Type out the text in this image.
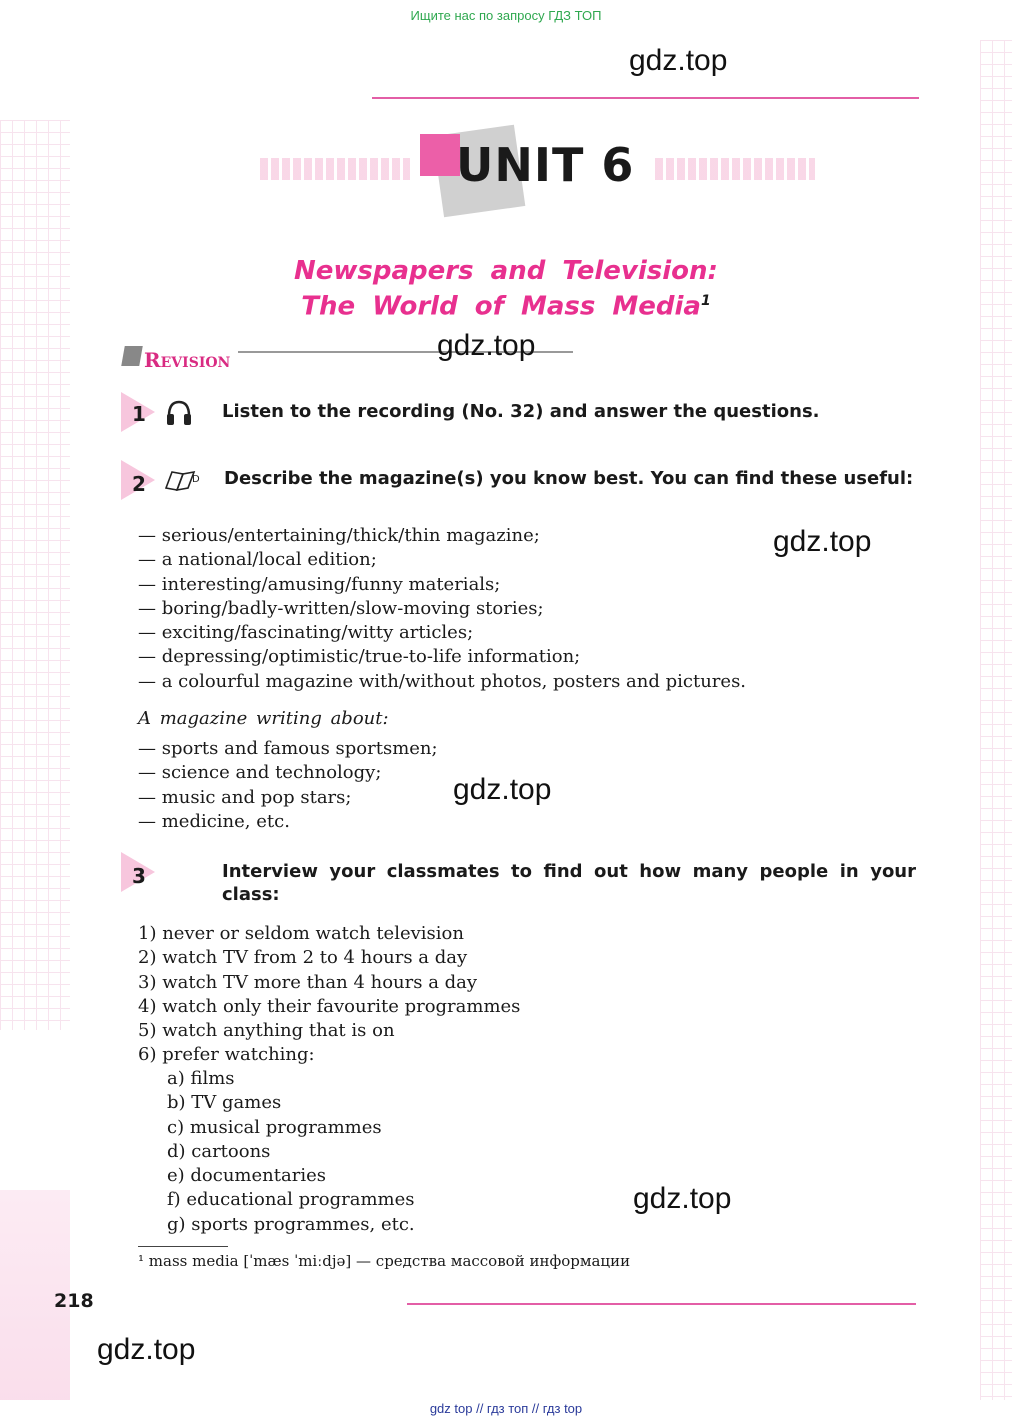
Ищите нас по запросу ГДЗ ТОП
gdz.top
UNIT 6
Newspapers and Television:
The World of Mass Media$^1$
Revision	gdz.top
1	Listen to the recording (No. 32) and answer the questions.
2	D Describe the magazine(s) you know best. You can find these useful:
— serious/entertaining/thick/thin magazine;
— a national/local edition;
— interesting/amusing/funny materials;
— boring/badly-written/slow-moving stories;
— exciting/fascinating/witty articles;
— depressing/optimistic/true-to-life information;
— a colourful magazine with/without photos, posters and pictures.
gdz.top
A magazine writing about:
— sports and famous sportsmen;
— science and technology;
— music and pop stars;
— medicine, etc.
gdz.top
3	Interview your classmates to find out how many people in your class:
1) never or seldom watch television
2) watch TV from 2 to 4 hours a day
3) watch TV more than 4 hours a day
4) watch only their favourite programmes
5) watch anything that is on
6) prefer watching:
a) films
b) TV games
c) musical programmes
d) cartoons
e) documentaries
f) educational programmes
g) sports programmes, etc.
gdz.top
¹ mass media [ˈmæs ˈmiːdjə] — средства массовой информации
218
gdz.top
gdz top // гдз топ // гдз top
